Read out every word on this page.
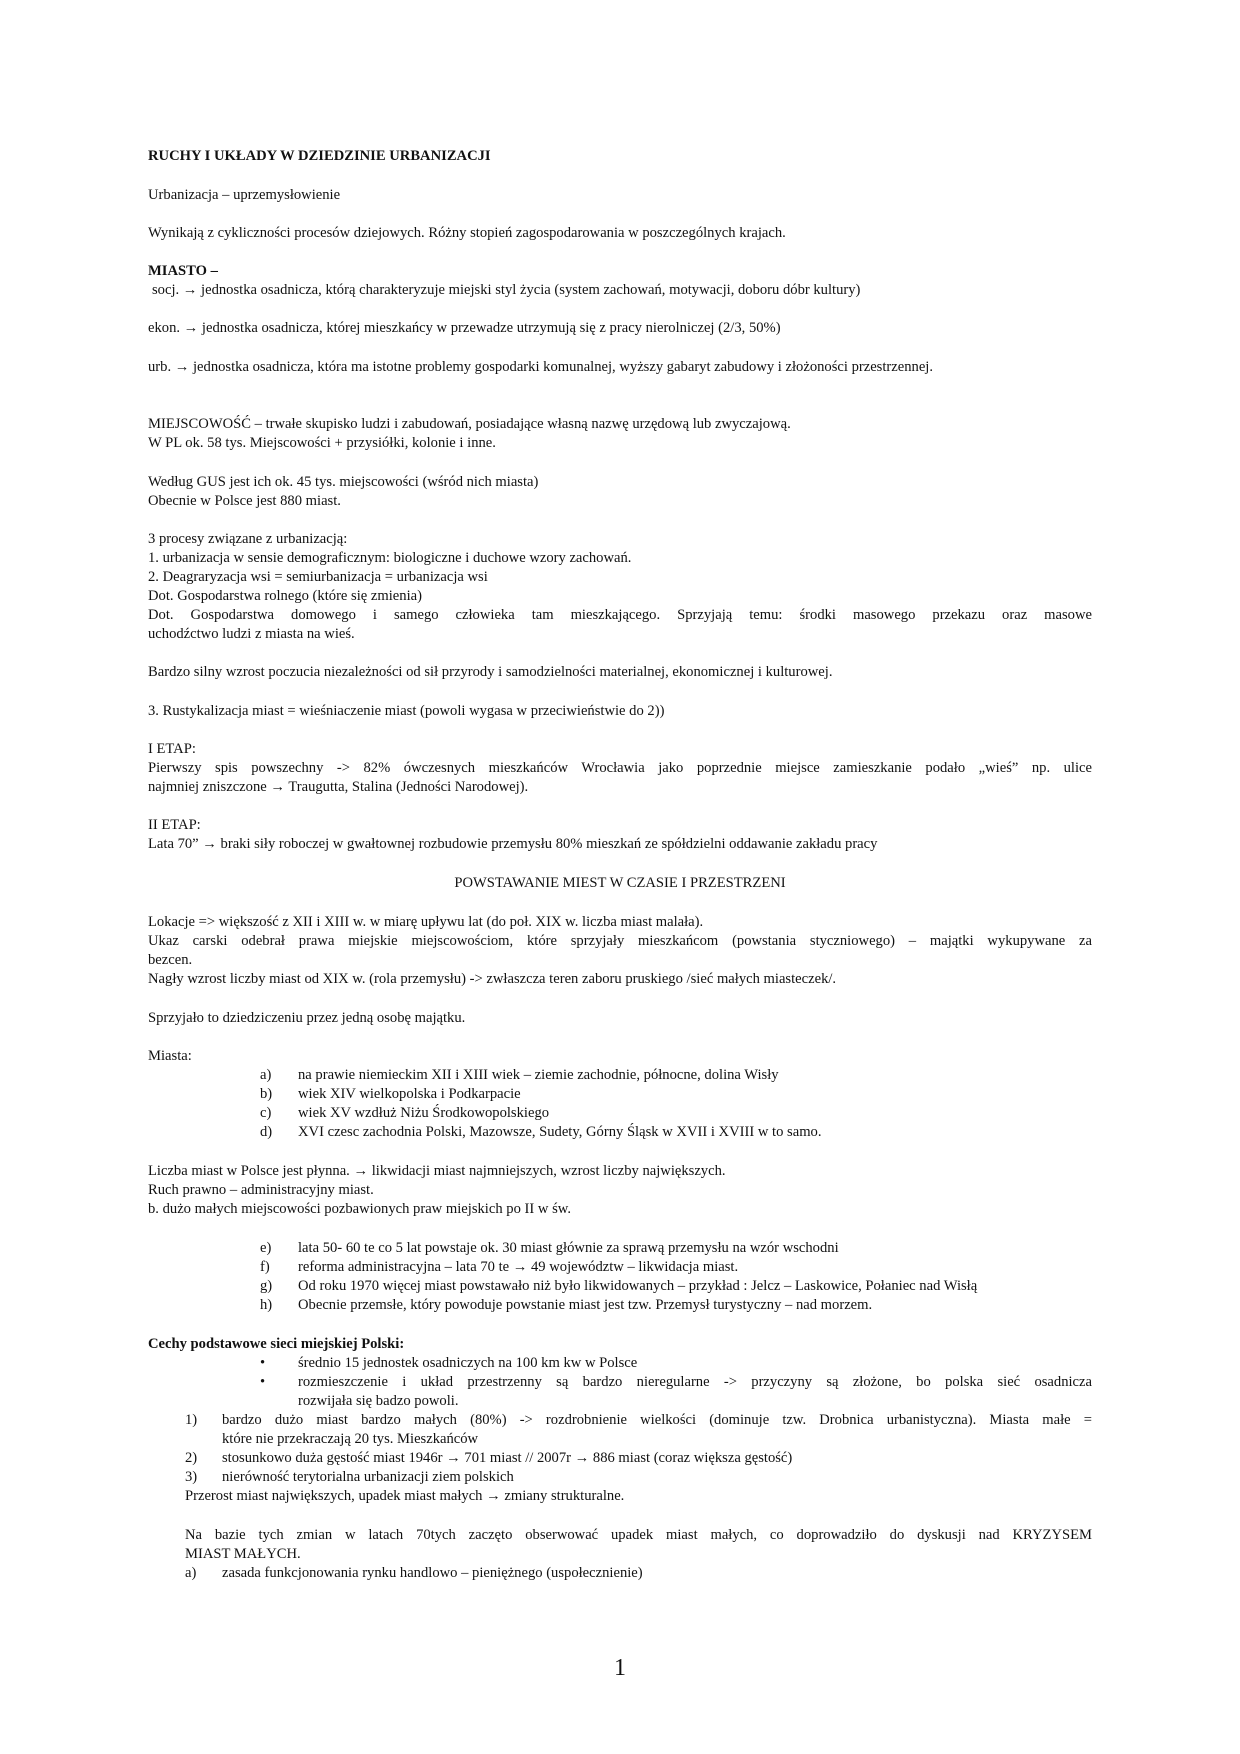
RUCHY I UKŁADY W DZIEDZINIE URBANIZACJI
Urbanizacja – uprzemysłowienie
Wynikają z cykliczności procesów dziejowych. Różny stopień zagospodarowania w poszczególnych krajach.
MIASTO –
socj. → jednostka osadnicza, którą charakteryzuje miejski styl życia (system zachowań, motywacji, doboru dóbr kultury)
ekon. → jednostka osadnicza, której mieszkańcy w przewadze utrzymują się z pracy nierolniczej (2/3, 50%)
urb. → jednostka osadnicza, która ma istotne problemy gospodarki komunalnej, wyższy gabaryt zabudowy i złożoności przestrzennej.
MIEJSCOWOŚĆ – trwałe skupisko ludzi i zabudowań, posiadające własną nazwę urzędową lub zwyczajową.
W PL ok. 58 tys. Miejscowości + przysiółki, kolonie i inne.
Według GUS jest ich ok. 45 tys. miejscowości (wśród nich miasta)
Obecnie w Polsce jest 880 miast.
3 procesy związane z urbanizacją:
1. urbanizacja w sensie demograficznym: biologiczne i duchowe wzory zachowań.
2. Deagraryzacja wsi = semiurbanizacja = urbanizacja wsi
Dot. Gospodarstwa rolnego (które się zmienia)
Dot. Gospodarstwa domowego i samego człowieka tam mieszkającego. Sprzyjają temu: środki masowego przekazu oraz masowe
uchodźctwo ludzi z miasta na wieś.
Bardzo silny wzrost poczucia niezależności od sił przyrody i samodzielności materialnej, ekonomicznej i kulturowej.
3. Rustykalizacja miast = wieśniaczenie miast (powoli wygasa w przeciwieństwie do 2))
I ETAP:
Pierwszy spis powszechny -> 82% ówczesnych mieszkańców Wrocławia jako poprzednie miejsce zamieszkanie podało „wieś” np. ulice
najmniej zniszczone → Traugutta, Stalina (Jedności Narodowej).
II ETAP:
Lata 70” → braki siły roboczej w gwałtownej rozbudowie przemysłu 80% mieszkań ze spółdzielni oddawanie zakładu pracy
POWSTAWANIE MIEST W CZASIE I PRZESTRZENI
Lokacje => większość z XII i XIII w. w miarę upływu lat (do poł. XIX w. liczba miast malała).
Ukaz carski odebrał prawa miejskie miejscowościom, które sprzyjały mieszkańcom (powstania styczniowego) – majątki wykupywane za
bezcen.
Nagły wzrost liczby miast od XIX w. (rola przemysłu) -> zwłaszcza teren zaboru pruskiego /sieć małych miasteczek/.
Sprzyjało to dziedziczeniu przez jedną osobę majątku.
Miasta:
a) na prawie niemieckim XII i XIII wiek – ziemie zachodnie, północne, dolina Wisły
b) wiek XIV wielkopolska i Podkarpacie
c) wiek XV wzdłuż Niżu Środkowopolskiego
d) XVI czesc zachodnia Polski, Mazowsze, Sudety, Górny Śląsk w XVII i XVIII w to samo.
Liczba miast w Polsce jest płynna. → likwidacji miast najmniejszych, wzrost liczby największych.
Ruch prawno – administracyjny miast.
b. dużo małych miejscowości pozbawionych praw miejskich po II w św.
e) lata 50- 60 te co 5 lat powstaje ok. 30 miast głównie za sprawą przemysłu na wzór wschodni
f) reforma administracyjna – lata 70 te → 49 województw – likwidacja miast.
g) Od roku 1970 więcej miast powstawało niż było likwidowanych – przykład : Jelcz – Laskowice, Połaniec nad Wisłą
h) Obecnie przemsłe, który powoduje powstanie miast jest tzw. Przemysł turystyczny – nad morzem.
Cechy podstawowe sieci miejskiej Polski:
• średnio 15 jednostek osadniczych na 100 km kw w Polsce
• rozmieszczenie i układ przestrzenny są bardzo nieregularne -> przyczyny są złożone, bo polska sieć osadnicza
rozwijała się badzo powoli.
1) bardzo dużo miast bardzo małych (80%) -> rozdrobnienie wielkości (dominuje tzw. Drobnica urbanistyczna). Miasta małe =
które nie przekraczają 20 tys. Mieszkańców
2) stosunkowo duża gęstość miast 1946r → 701 miast // 2007r → 886 miast (coraz większa gęstość)
3) nierówność terytorialna urbanizacji ziem polskich
Przerost miast największych, upadek miast małych → zmiany strukturalne.
Na bazie tych zmian w latach 70tych zaczęto obserwować upadek miast małych, co doprowadziło do dyskusji nad KRYZYSEM
MIAST MAŁYCH.
a) zasada funkcjonowania rynku handlowo – pieniężnego (uspołecznienie)
1
